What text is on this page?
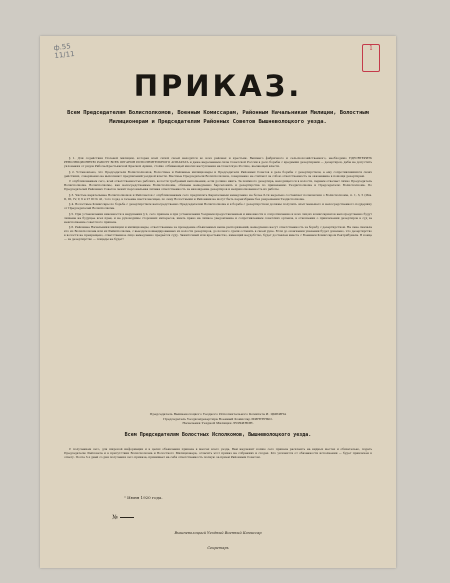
ф.55
11/11
1
ПРИКАЗ.
Всем Председателям Волисполкомов, Военным Комиссарам, Районным Начальникам Милиции, Волостным Милиционерам и Председателям Районных Советов Вышневолоцкого уезда.

§ 1. Для содействия Полевой милиции, которая всей силой своей находится во всех районах и крестьян. Вышнего фабричного и сельскохозяйственного, необходимо УДЕСЯТЕРИТЬ РЕВОЛЮЦИОННУЮ РАБОТУ ВСЕХ ОРГАНОВ ИСПОЛНИТЕЛЬНОГО АППАРАТА и даже выделенным силы Советской России в дело борьбы с вредными дезертирами — дезертиров, дабы не допустить уклонения от рядов Рабоче-Крестьянской Красной Армии, стойко отбивающей многих наступления на Советскую Россию, желающей власти.

§ 2. Установлено, что Председатели Волисполкомов, Волостные и Районные милиционеры и Председатели Районных Советов в деле борьбы с дезертирством, а ему сопротивлявшихся своих действиях, совершенно не выполняют предписаний уездной власти. Местные Председатели Волисполкомов, совершенно не считают за собою ответственность за оказывание в помощи дезертирам.

С опубликованием сего, всей ответственностью рабочих, волости требуемый выполнения, если должно явить. За поимкого дезертира, находящегося в волости, первым отвечает лично Председатель Волисполкома. Волисполкомы, как непосредственные Волисполкомы, обязаны немедленно барселонить и дезертирства по приказанию Уездисполкома и Председателю Волисполкома. По Председателей Районных Советов лежит персональная личная ответственность за нахождение дезертиров и неприкосновенность их работы.

§ 3. Чистые карательные Волисполкомов и Райсоветов с опубликованием сего предписать Карательным немедленно не более 6-ти недельно составляет полномочия о Волисполкомы, п. 1, 3, 5 (Изв. II, III, IV, V, 6 и 27 III № 41, того года), в течение шести месяцев, по сему Волостными и Районами не могут быть переизбраны без разрешения Уездисполкома.

§ 4. Волостные Комиссары по борьбе с дезертирством непосредственно Председателям Волисполкома и в борьбе с дезертирством должны получить опыт меньшего и непосредственного поддержку от Председателей Волисполкома.

§ 5. При установлении виновности в нарушении § 2, сего приказа в при установлении Уездным предоставлением и виновности к сопротивлению и всех лиц их комиссариатов непосредственно будут лишены на будущее всех прав, и не руководимы сторонних интересов, иметь право на личное уведомление и сопротивлением советских органов, в отношении о привлечения дезертиров в суд за неисполнение советского приказа.

§ 6. Районные Начальники милиции и милиционеры, ответственные за проведение объявленных выше распоряжений, немедленно несут ответственность за борьбу с дезертирством. На сане сначала кто из Волисполкома или их Райисполкома, с выездом командированных из волости дезертиров, до полного сдачи оставить в своей руке. Если до окончания указания будет доказано, что дезертирство в волости не прекращено, ответственное лицо немедленно предаётся суду. Зажиточный или крестьянство, имеющий неудобство, будет доставлен вместе с Военным Комиссаром Ревтрибунала. В конце — за дезертирство — пощады не будет!

Председатель Вышневолоцкого Уездного Исполнительного Комитета И. ЦЫБИНА
Председатель Уездкомдезертира Военный Комиссар МИНТЕНКО.
Начальник Уездной Милиции ЛУРКИНИН.
Всем Председателям Волостных Исполкомов, Вышневолоцкого уезда.

С получением сего, для широкой информации и в целях объявления приказа в массах всего уезда, Вам надлежит копию сего приказа расклеить на видных местах и обязательно, подать Председателю Райсовета и в присутствии Волисполкома и Волостного Милиционера, огласить этот приказ на собраниях и сходах. Кто уклонится от обязанности исполнения — будет привлечён к ответу. После 3-х дней со дня получения сего приказа, принимает на себя ответственность полную за прием Районным Советом.

" Июня 1920 года.
№
Вышневолоцкий Уездный Военный Комиссар
Секретарь
